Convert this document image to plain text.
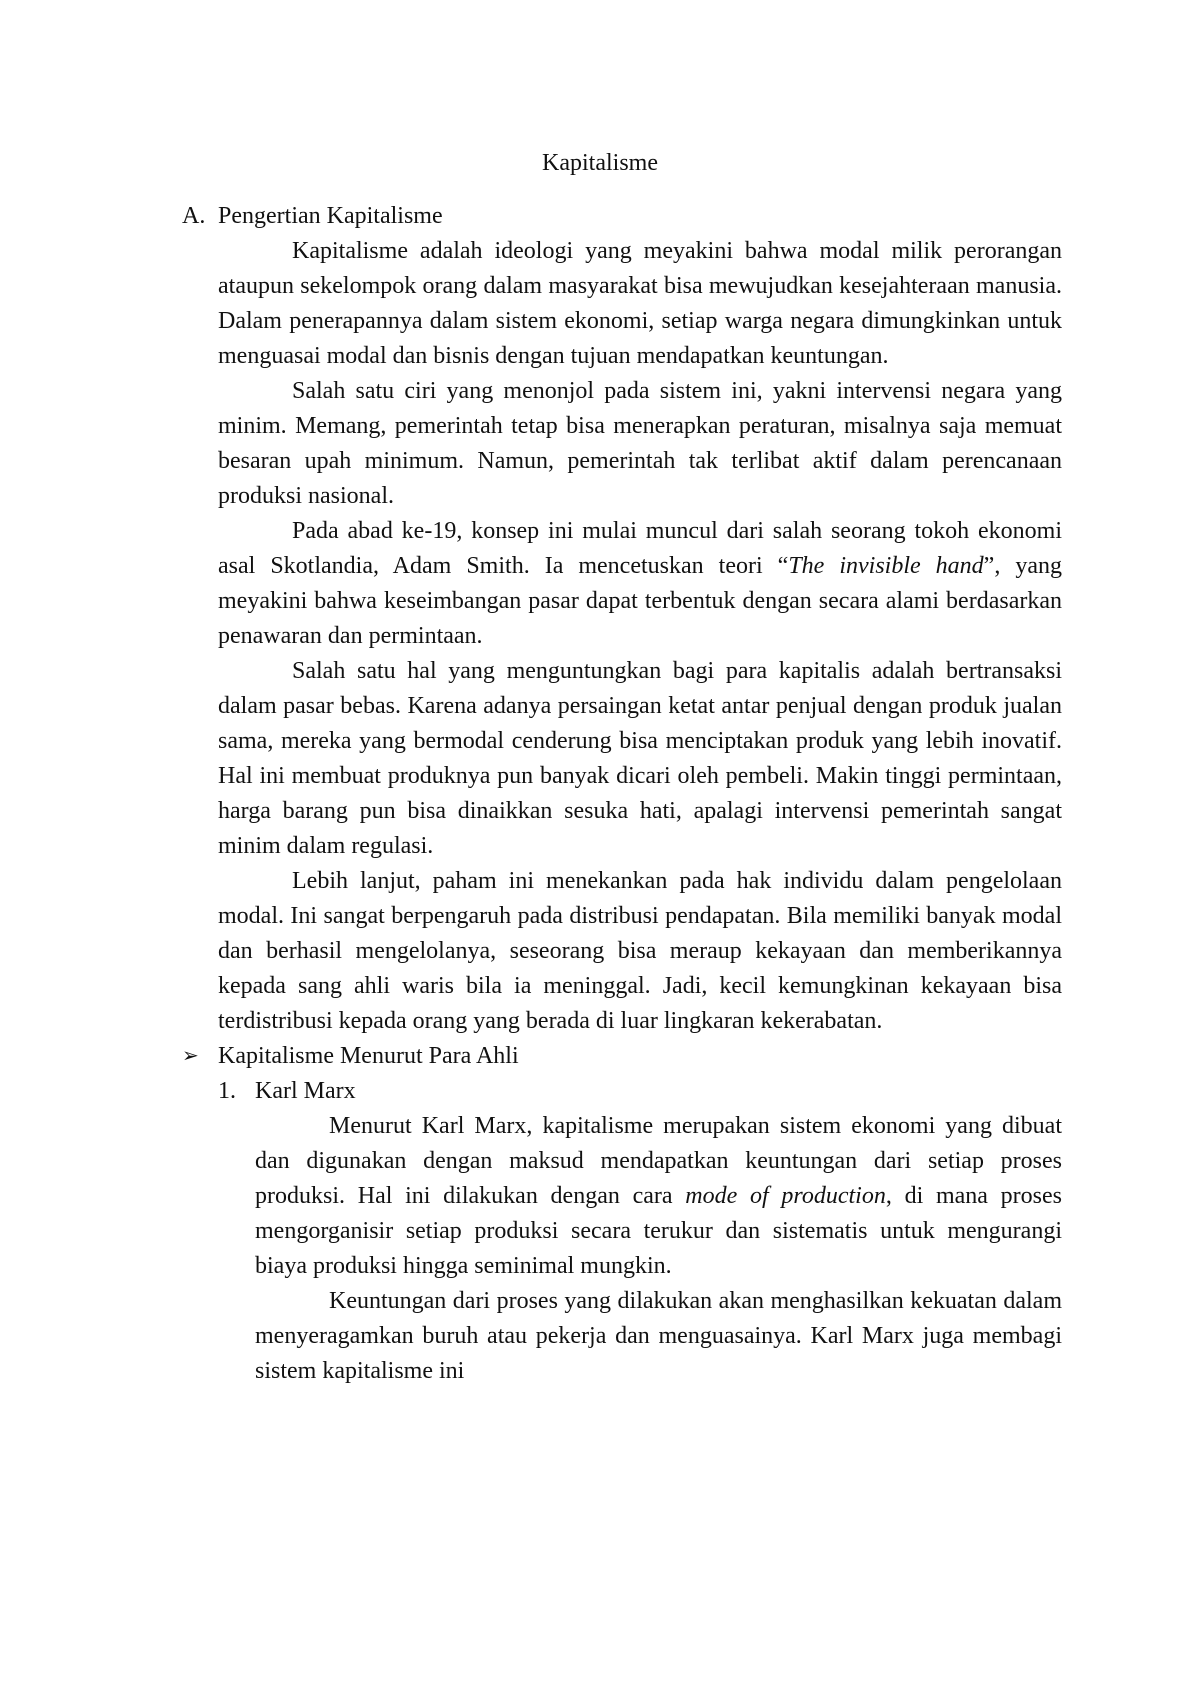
Kapitalisme
A. Pengertian Kapitalisme

Kapitalisme adalah ideologi yang meyakini bahwa modal milik perorangan ataupun sekelompok orang dalam masyarakat bisa mewujudkan kesejahteraan manusia. Dalam penerapannya dalam sistem ekonomi, setiap warga negara dimungkinkan untuk menguasai modal dan bisnis dengan tujuan mendapatkan keuntungan.

Salah satu ciri yang menonjol pada sistem ini, yakni intervensi negara yang minim. Memang, pemerintah tetap bisa menerapkan peraturan, misalnya saja memuat besaran upah minimum. Namun, pemerintah tak terlibat aktif dalam perencanaan produksi nasional.

Pada abad ke-19, konsep ini mulai muncul dari salah seorang tokoh ekonomi asal Skotlandia, Adam Smith. Ia mencetuskan teori “The invisible hand”, yang meyakini bahwa keseimbangan pasar dapat terbentuk dengan secara alami berdasarkan penawaran dan permintaan.

Salah satu hal yang menguntungkan bagi para kapitalis adalah bertransaksi dalam pasar bebas. Karena adanya persaingan ketat antar penjual dengan produk jualan sama, mereka yang bermodal cenderung bisa menciptakan produk yang lebih inovatif. Hal ini membuat produknya pun banyak dicari oleh pembeli. Makin tinggi permintaan, harga barang pun bisa dinaikkan sesuka hati, apalagi intervensi pemerintah sangat minim dalam regulasi.

Lebih lanjut, paham ini menekankan pada hak individu dalam pengelolaan modal. Ini sangat berpengaruh pada distribusi pendapatan. Bila memiliki banyak modal dan berhasil mengelolanya, seseorang bisa meraup kekayaan dan memberikannya kepada sang ahli waris bila ia meninggal. Jadi, kecil kemungkinan kekayaan bisa terdistribusi kepada orang yang berada di luar lingkaran kekerabatan.

➢ Kapitalisme Menurut Para Ahli
1. Karl Marx

Menurut Karl Marx, kapitalisme merupakan sistem ekonomi yang dibuat dan digunakan dengan maksud mendapatkan keuntungan dari setiap proses produksi. Hal ini dilakukan dengan cara mode of production, di mana proses mengorganisir setiap produksi secara terukur dan sistematis untuk mengurangi biaya produksi hingga seminimal mungkin.

Keuntungan dari proses yang dilakukan akan menghasilkan kekuatan dalam menyeragamkan buruh atau pekerja dan menguasainya. Karl Marx juga membagi sistem kapitalisme ini
